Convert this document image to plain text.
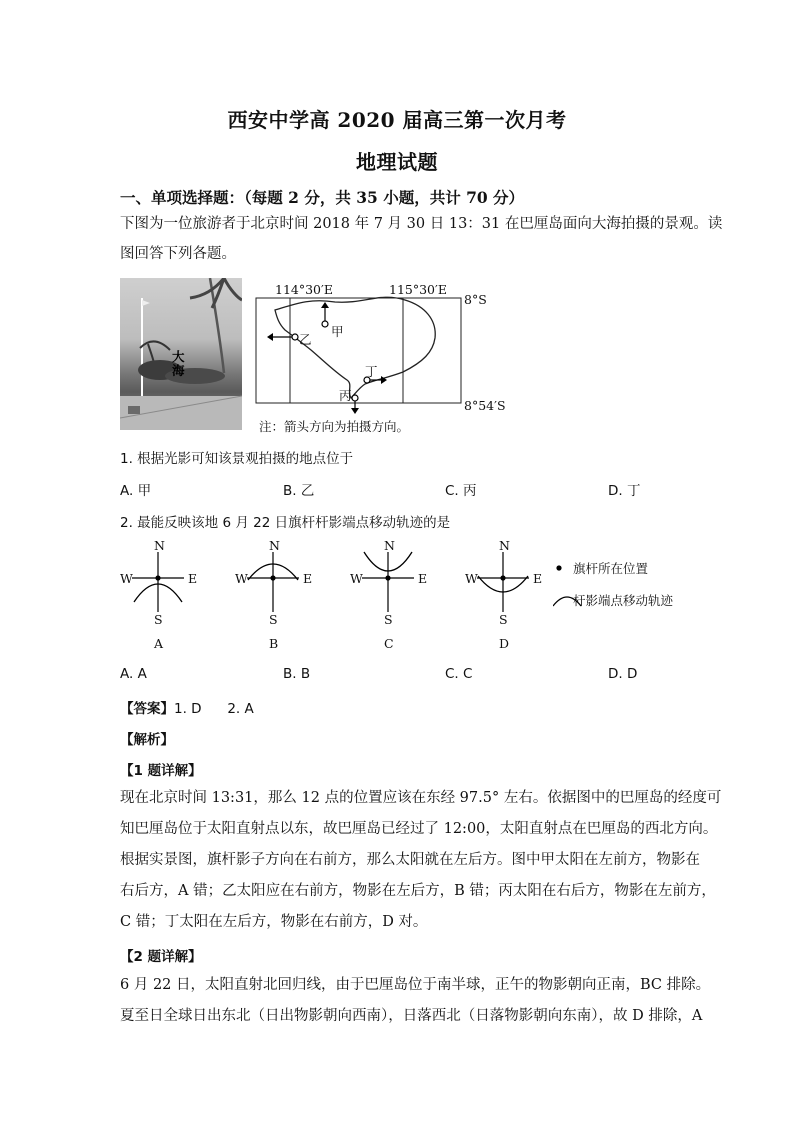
西安中学高 2020 届高三第一次月考
地理试题
一、单项选择题：（每题 2 分，共 35 小题，共计 70 分）
下图为一位旅游者于北京时间 2018 年 7 月 30 日 13：31 在巴厘岛面向大海拍摄的景观。读
图回答下列各题。
大
海
114°30′E	115°30′E
8°S
8°54′S
甲
乙
丁
丙
注：箭头方向为拍摄方向。
1. 根据光影可知该景观拍摄的地点位于
A. 甲	B. 乙	C. 丙	D. 丁
2. 最能反映该地 6 月 22 日旗杆杆影端点移动轨迹的是
N
S
W	E
A
N
S
W	E
B
N
S
W	E
C
N
S
W	E
D
旗杆所在位置
杆影端点移动轨迹
A. A	B. B	C. C	D. D
【答案】1. D      2. A
【解析】
【1 题详解】
现在北京时间 13:31，那么 12 点的位置应该在东经 97.5° 左右。依据图中的巴厘岛的经度可
知巴厘岛位于太阳直射点以东，故巴厘岛已经过了 12:00，太阳直射点在巴厘岛的西北方向。
根据实景图，旗杆影子方向在右前方，那么太阳就在左后方。图中甲太阳在左前方，物影在
右后方，A 错；乙太阳应在右前方，物影在左后方，B 错；丙太阳在右后方，物影在左前方，
C 错；丁太阳在左后方，物影在右前方，D 对。
【2 题详解】
6 月 22 日，太阳直射北回归线，由于巴厘岛位于南半球，正午的物影朝向正南，BC 排除。
夏至日全球日出东北（日出物影朝向西南），日落西北（日落物影朝向东南），故 D 排除，A
